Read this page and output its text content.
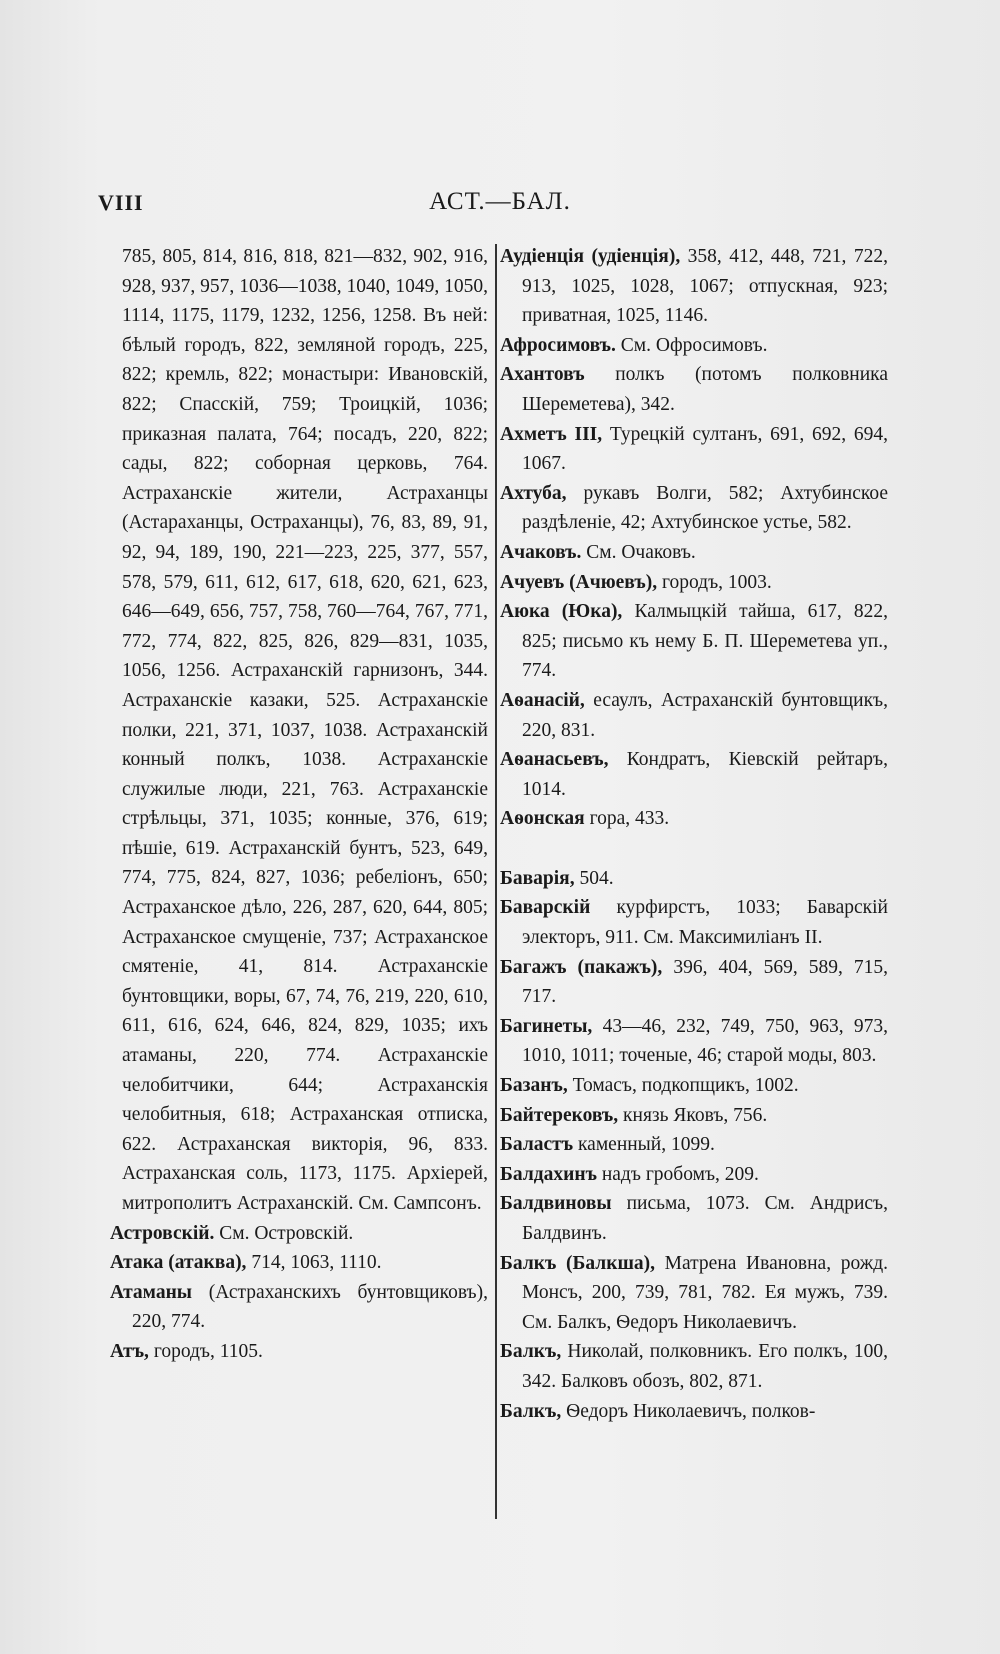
VIII	АСТ.—БАЛ.

785, 805, 814, 816, 818, 821—832, 902, 916, 928, 937, 957, 1036—1038, 1040, 1049, 1050, 1114, 1175, 1179, 1232, 1256, 1258. Въ ней: бѣлый городъ, 822, земляной городъ, 225, 822; кремль, 822; монастыри: Ивановскій, 822; Спасскій, 759; Троицкій, 1036; приказная палата, 764; посадъ, 220, 822; сады, 822; соборная церковь, 764. Астраханскіе жители, Астраханцы (Астараханцы, Остраханцы), 76, 83, 89, 91, 92, 94, 189, 190, 221—223, 225, 377, 557, 578, 579, 611, 612, 617, 618, 620, 621, 623, 646—649, 656, 757, 758, 760—764, 767, 771, 772, 774, 822, 825, 826, 829—831, 1035, 1056, 1256. Астраханскій гарнизонъ, 344. Астраханскіе казаки, 525. Астраханскіе полки, 221, 371, 1037, 1038. Астраханскій конный полкъ, 1038. Астраханскіе служилые люди, 221, 763. Астраханскіе стрѣльцы, 371, 1035; конные, 376, 619; пѣшіе, 619. Астраханскій бунтъ, 523, 649, 774, 775, 824, 827, 1036; ребеліонъ, 650; Астраханское дѣло, 226, 287, 620, 644, 805; Астраханское смущеніе, 737; Астраханское смятеніе, 41, 814. Астраханскіе бунтовщики, воры, 67, 74, 76, 219, 220, 610, 611, 616, 624, 646, 824, 829, 1035; ихъ атаманы, 220, 774. Астраханскіе челобитчики, 644; Астраханскія челобитныя, 618; Астраханская отписка, 622. Астраханская викторія, 96, 833. Астраханская соль, 1173, 1175. Архіерей, митрополитъ Астраханскій. См. Сампсонъ.

Астровскій. См. Островскій.

Атака (атаква), 714, 1063, 1110.

Атаманы (Астраханскихъ бунтовщиковъ), 220, 774.

Атъ, городъ, 1105.

Аудіенція (удіенція), 358, 412, 448, 721, 722, 913, 1025, 1028, 1067; отпускная, 923; приватная, 1025, 1146.

Афросимовъ. См. Офросимовъ.

Ахантовъ полкъ (потомъ полковника Шереметева), 342.

Ахметъ III, Турецкій султанъ, 691, 692, 694, 1067.

Ахтуба, рукавъ Волги, 582; Ахтубинское раздѣленіе, 42; Ахтубинское устье, 582.

Ачаковъ. См. Очаковъ.

Ачуевъ (Ачюевъ), городъ, 1003.

Аюка (Юка), Калмыцкій тайша, 617, 822, 825; письмо къ нему Б. П. Шереметева уп., 774.

Аѳанасій, есаулъ, Астраханскій бунтовщикъ, 220, 831.

Аѳанасьевъ, Кондратъ, Кіевскій рейтаръ, 1014.

Аѳонская гора, 433.

Баварія, 504.

Баварскій курфирстъ, 1033; Баварскій электоръ, 911. См. Максимиліанъ II.

Багажъ (пакажъ), 396, 404, 569, 589, 715, 717.

Багинеты, 43—46, 232, 749, 750, 963, 973, 1010, 1011; точеные, 46; старой моды, 803.

Базанъ, Томасъ, подкопщикъ, 1002.

Байтерековъ, князь Яковъ, 756.

Баластъ каменный, 1099.

Балдахинъ надъ гробомъ, 209.

Балдвиновы письма, 1073. См. Андрисъ, Балдвинъ.

Балкъ (Балкша), Матрена Ивановна, рожд. Монсъ, 200, 739, 781, 782. Ея мужъ, 739. См. Балкъ, Ѳедоръ Николаевичъ.

Балкъ, Николай, полковникъ. Его полкъ, 100, 342. Балковъ обозъ, 802, 871.

Балкъ, Ѳедоръ Николаевичъ, полков-
